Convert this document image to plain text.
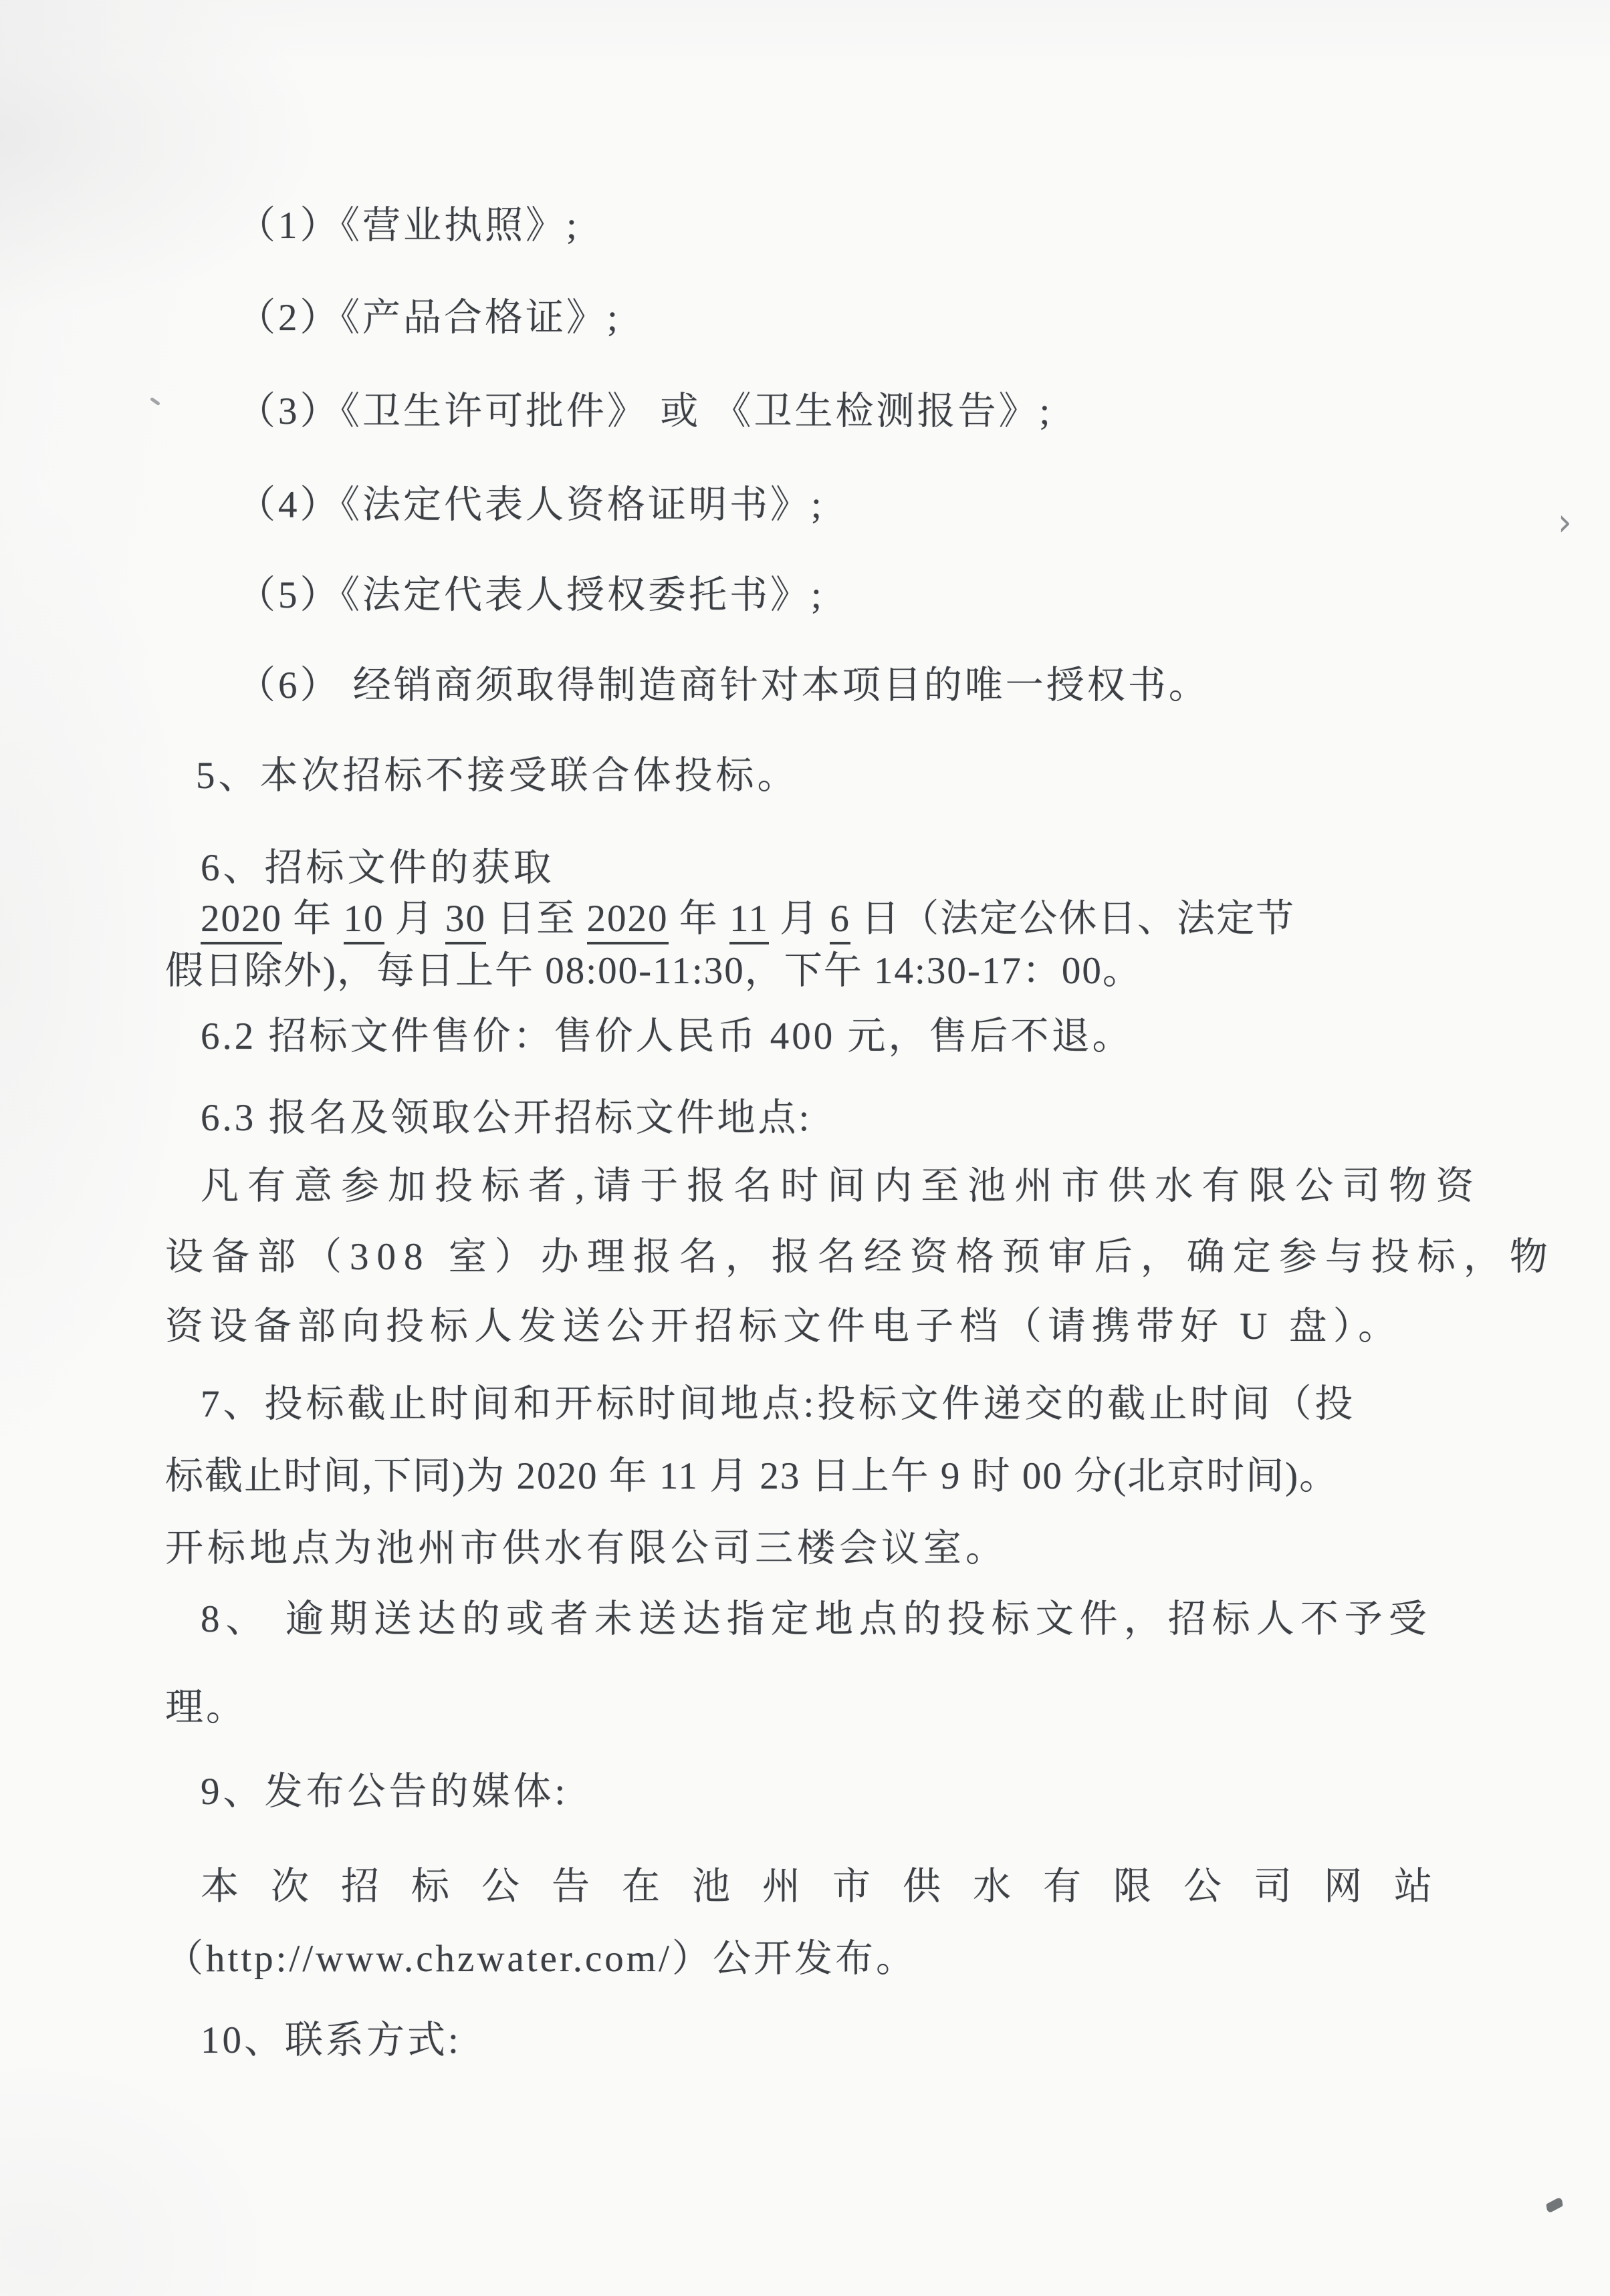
（1）《营业执照》;

（2）《产品合格证》;

（3）《卫生许可批件》 或 《卫生检测报告》;

（4）《法定代表人资格证明书》;

（5）《法定代表人授权委托书》;

（6） 经销商须取得制造商针对本项目的唯一授权书。

5、本次招标不接受联合体投标。

6、招标文件的获取

2020 年 10 月 30 日至 2020 年 11 月 6 日（法定公休日、法定节

假日除外)，每日上午 08:00-11:30，下午 14:30-17：00。

6.2 招标文件售价：售价人民币 400 元，售后不退。

6.3 报名及领取公开招标文件地点:

凡有意参加投标者,请于报名时间内至池州市供水有限公司物资

设备部（308 室）办理报名，报名经资格预审后，确定参与投标，物

资设备部向投标人发送公开招标文件电子档（请携带好 U 盘）。

7、投标截止时间和开标时间地点:投标文件递交的截止时间（投

标截止时间,下同)为 2020 年 11 月 23 日上午 9 时 00 分(北京时间)。

开标地点为池州市供水有限公司三楼会议室。

8、 逾期送达的或者未送达指定地点的投标文件，招标人不予受

理。

9、发布公告的媒体:

本次招标公告在池州市供水有限公司网站

（http://www.chzwater.com/）公开发布。

10、联系方式:

›
